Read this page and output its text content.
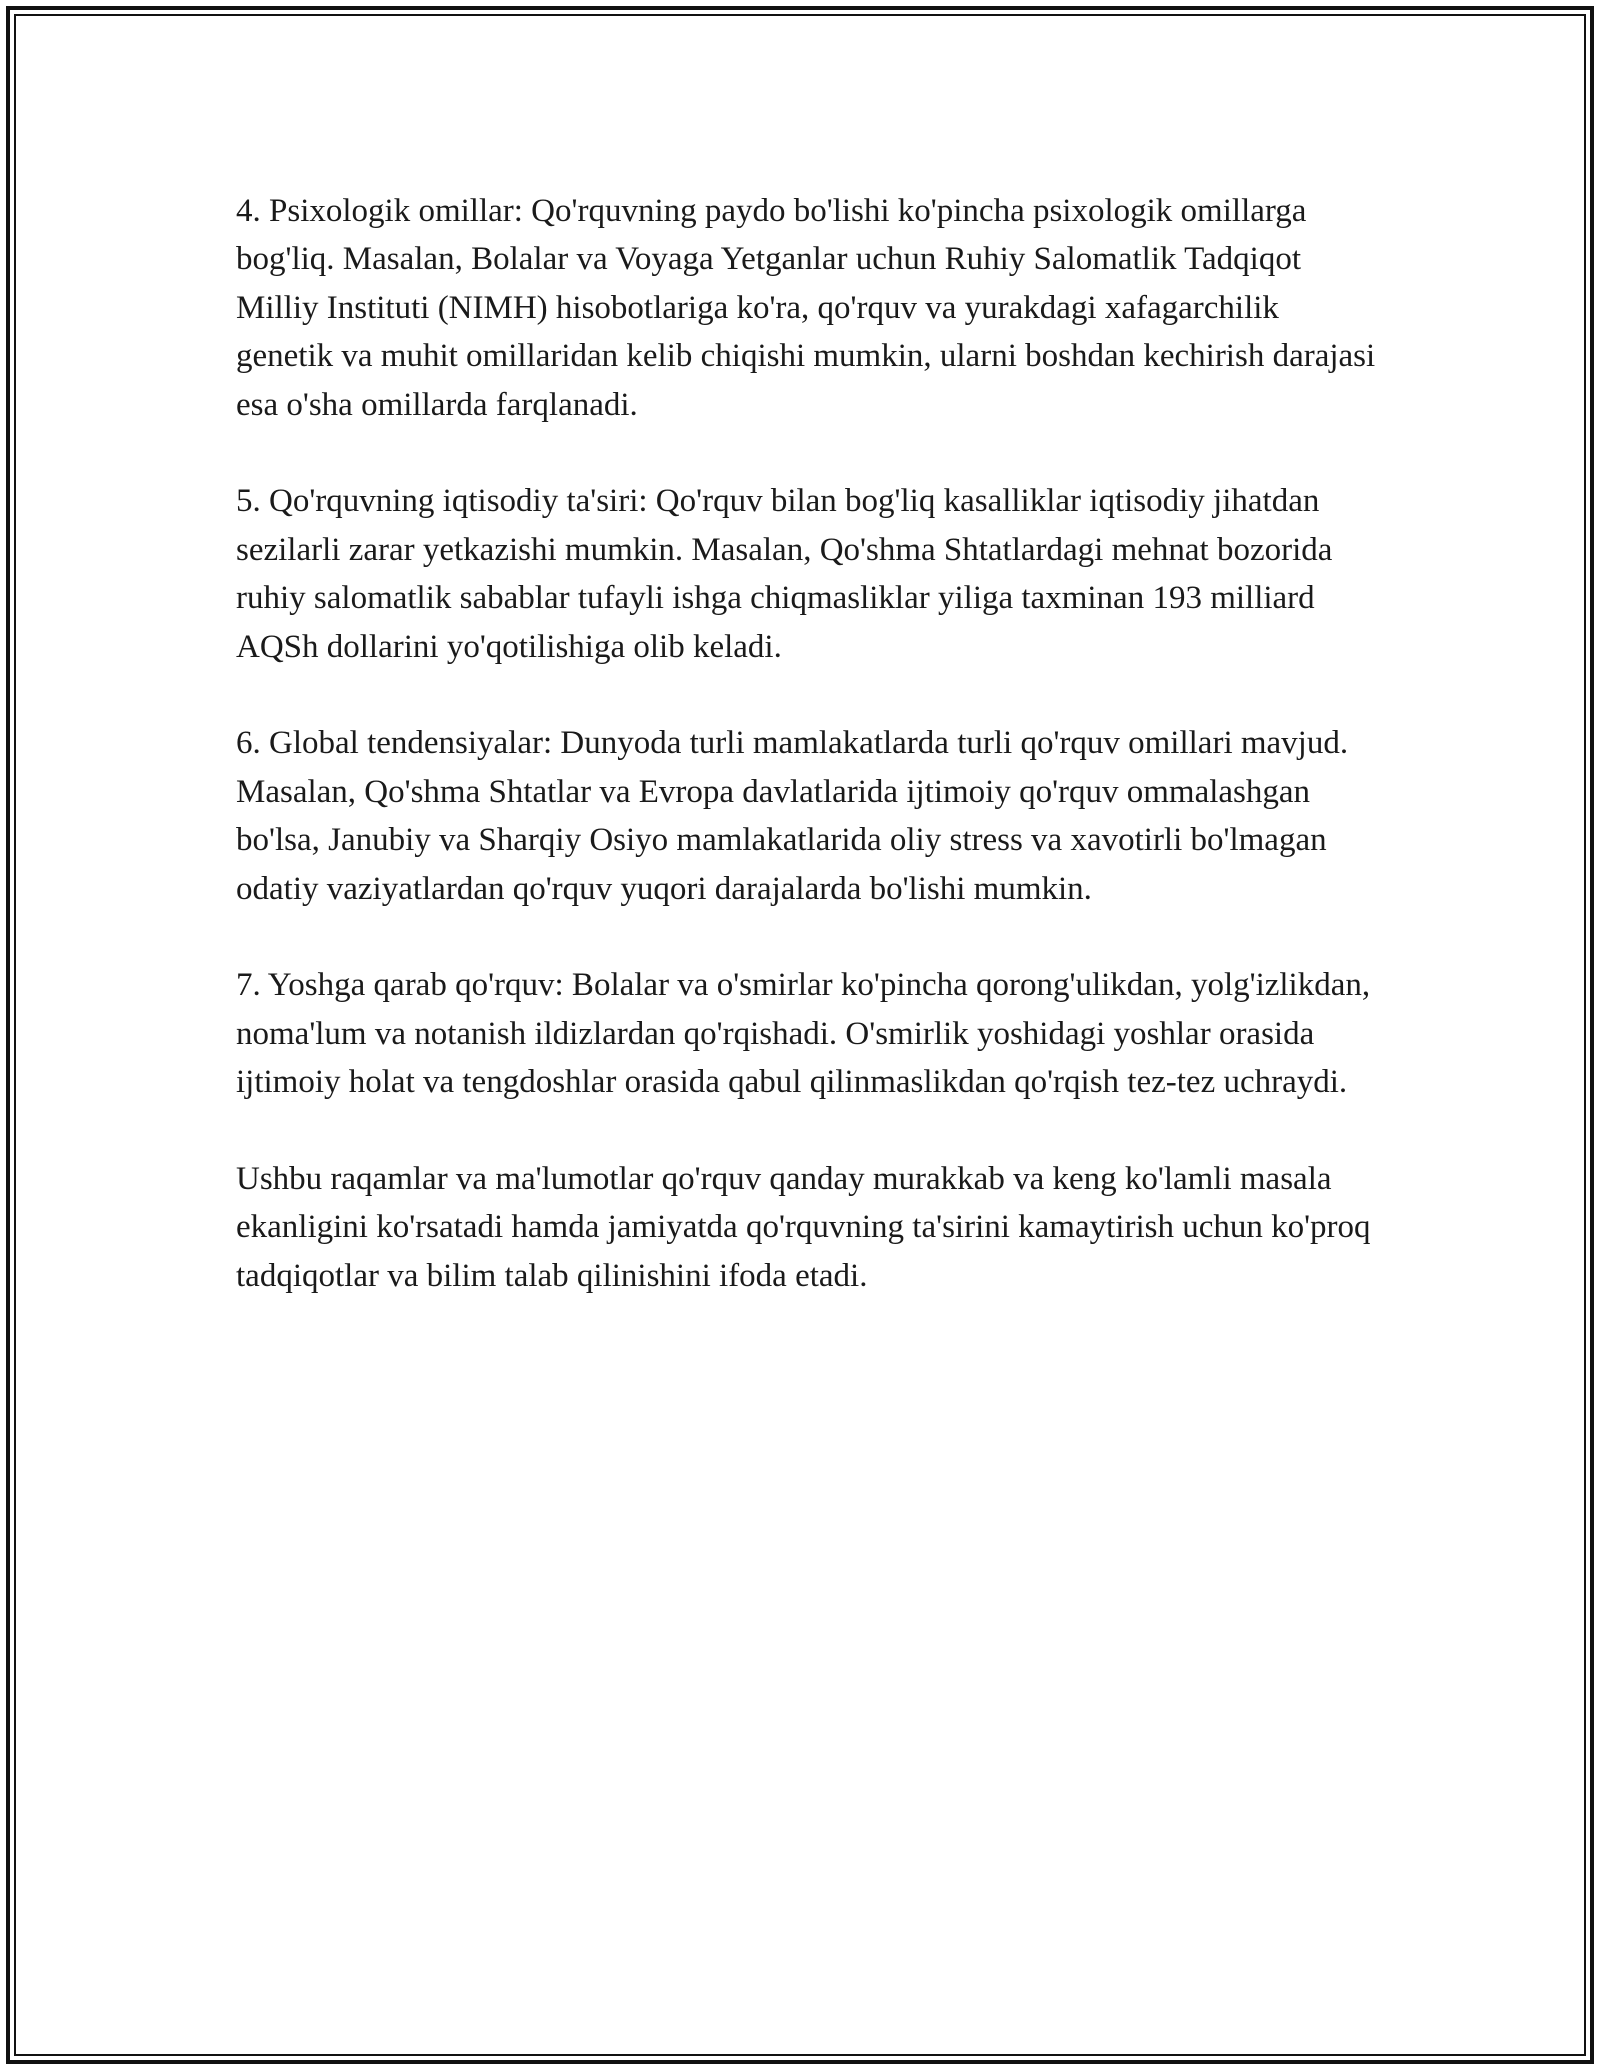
4. Psixologik omillar: Qo'rquvning paydo bo'lishi ko'pincha psixologik omillarga bog'liq. Masalan, Bolalar va Voyaga Yetganlar uchun Ruhiy Salomatlik Tadqiqot Milliy Instituti (NIMH) hisobotlariga ko'ra, qo'rquv va yurakdagi xafagarchilik genetik va muhit omillaridan kelib chiqishi mumkin, ularni boshdan kechirish darajasi esa o'sha omillarda farqlanadi.

5. Qo'rquvning iqtisodiy ta'siri: Qo'rquv bilan bog'liq kasalliklar iqtisodiy jihatdan sezilarli zarar yetkazishi mumkin. Masalan, Qo'shma Shtatlardagi mehnat bozorida ruhiy salomatlik sabablar tufayli ishga chiqmasliklar yiliga taxminan 193 milliard AQSh dollarini yo'qotilishiga olib keladi.

6. Global tendensiyalar: Dunyoda turli mamlakatlarda turli qo'rquv omillari mavjud. Masalan, Qo'shma Shtatlar va Evropa davlatlarida ijtimoiy qo'rquv ommalashgan bo'lsa, Janubiy va Sharqiy Osiyo mamlakatlarida oliy stress va xavotirli bo'lmagan odatiy vaziyatlardan qo'rquv yuqori darajalarda bo'lishi mumkin.

7. Yoshga qarab qo'rquv: Bolalar va o'smirlar ko'pincha qorong'ulikdan, yolg'izlikdan, noma'lum va notanish ildizlardan qo'rqishadi. O'smirlik yoshidagi yoshlar orasida ijtimoiy holat va tengdoshlar orasida qabul qilinmaslikdan qo'rqish tez-tez uchraydi.

Ushbu raqamlar va ma'lumotlar qo'rquv qanday murakkab va keng ko'lamli masala ekanligini ko'rsatadi hamda jamiyatda qo'rquvning ta'sirini kamaytirish uchun ko'proq tadqiqotlar va bilim talab qilinishini ifoda etadi.
